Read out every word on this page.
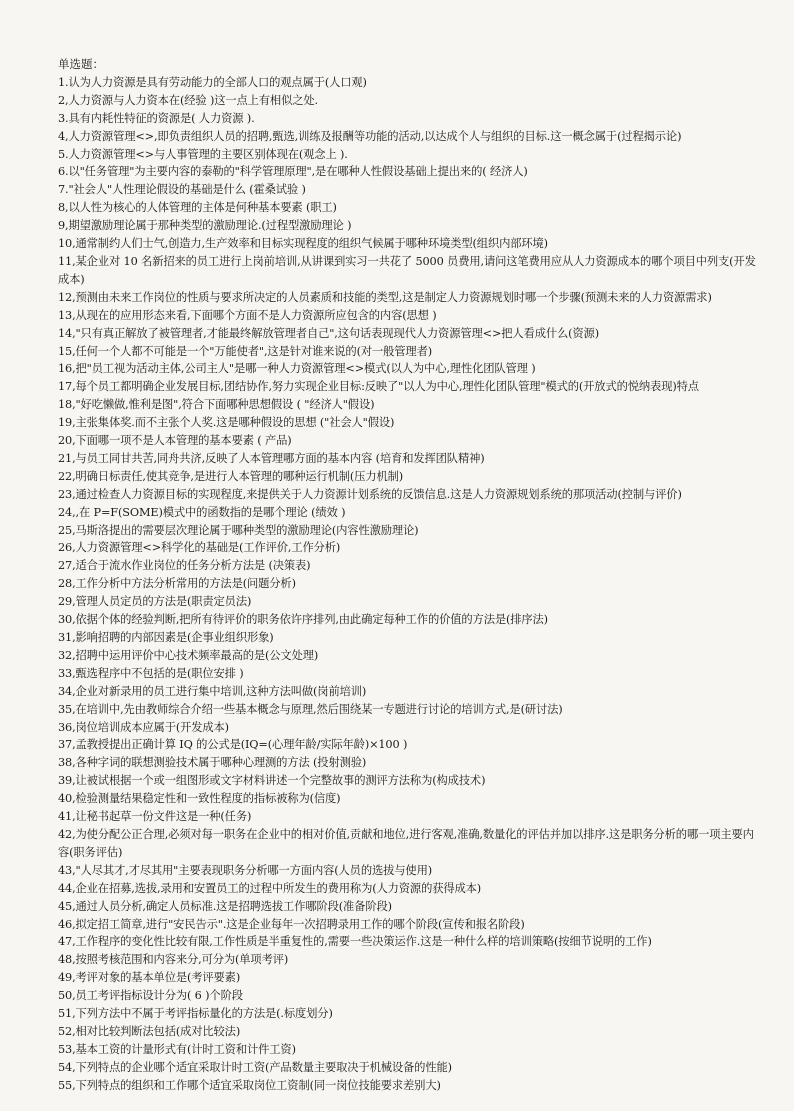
单选题：
1.认为人力资源是具有劳动能力的全部人口的观点属于(人口观)
2,人力资源与人力资本在(经验 )这一点上有相似之处.
3.具有内耗性特征的资源是( 人力资源 ).
4,人力资源管理<>,即负责组织人员的招聘,甄选,训练及报酬等功能的活动,以达成个人与组织的目标.这一概念属于(过程揭示论)
5.人力资源管理<>与人事管理的主要区别体现在(观念上 ).
6.以"任务管理"为主要内容的泰勒的"科学管理原理",是在哪种人性假设基础上提出来的( 经济人)
7."社会人"人性理论假设的基础是什么 (霍桑试验 )
8,以人性为核心的人体管理的主体是何种基本要素 (职工)
9,期望激励理论属于那种类型的激励理论.(过程型激励理论 )
10,通常制约人们士气,创造力,生产效率和目标实现程度的组织气候属于哪种环境类型(组织内部环境)
11,某企业对 10 名新招来的员工进行上岗前培训,从讲课到实习一共花了 5000 员费用,请问这笔费用应从人力资源成本的哪个项目中列支(开发成本)
12,预测由未来工作岗位的性质与要求所决定的人员素质和技能的类型,这是制定人力资源规划时哪一个步骤(预测未来的人力资源需求)
13,从现在的应用形态来看,下面哪个方面不是人力资源所应包含的内容(思想 )
14,"只有真正解放了被管理者,才能最终解放管理者自己",这句话表现现代人力资源管理<>把人看成什么(资源)
15,任何一个人都不可能是一个"万能使者",这是针对谁来说的(对一般管理者)
16,把"员工视为活动主体,公司主人"是哪一种人力资源管理<>模式(以人为中心,理性化团队管理 )
17,每个员工都明确企业发展目标,团结协作,努力实现企业目标:反映了"以人为中心,理性化团队管理"模式的(开放式的悦纳表现)特点
18,"好吃懒做,惟利是图",符合下面哪种思想假设 ( "经济人"假设)
19,主张集体奖.而不主张个人奖.这是哪种假设的思想 ("社会人"假设)
20,下面哪一项不是人本管理的基本要素 ( 产品)
21,与员工同甘共苦,同舟共济,反映了人本管理哪方面的基本内容 (培育和发挥团队精神)
22,明确日标责任,使其竞争,是进行人本管理的哪种运行机制(压力机制)
23,通过检查人力资源目标的实现程度,来提供关于人力资源计划系统的反馈信息.这是人力资源规划系统的那项活动(控制与评价)
24,,在 P=F(SOME)模式中的函数指的是哪个理论 (绩效 )
25,马斯洛提出的需要层次理论属于哪种类型的激励理论(内容性激励理论)
26,人力资源管理<>科学化的基础是(工作评价,工作分析)
27,适合于流水作业岗位的任务分析方法是 (决策表)
28,工作分析中方法分析常用的方法是(问题分析)
29,管理人员定员的方法是(职责定员法)
30,依据个体的经验判断,把所有待评价的职务依许序排列,由此确定每种工作的价值的方法是(排序法)
31,影响招聘的内部因素是(企事业组织形象)
32,招聘中运用评价中心技术频率最高的是(公文处理)
33,甄选程序中不包括的是(职位安排 )
34,企业对新录用的员工进行集中培训,这种方法叫做(岗前培训)
35,在培训中,先由教师综合介绍一些基本概念与原理,然后围绕某一专题进行讨论的培训方式,是(研讨法)
36,岗位培训成本应属于(开发成本)
37,孟教授提出正确计算 IQ 的公式是(IQ=(心理年龄/实际年龄)×100 )
38,各种字词的联想测验技术属于哪种心理测的方法 (投射测验)
39,让被试根据一个或一组图形或文字材料讲述一个完整故事的测评方法称为(构成技术)
40,检验测量结果稳定性和一致性程度的指标被称为(信度)
41,让秘书起草一份文件这是一种(任务)
42,为使分配公正合理,必须对每一职务在企业中的相对价值,贡献和地位,进行客观,准确,数量化的评估并加以排序.这是职务分析的哪一项主要内容(职务评估)
43,"人尽其才,才尽其用"主要表现职务分析哪一方面内容(人员的选拔与使用)
44,企业在招募,选拔,录用和安置员工的过程中所发生的费用称为(人力资源的获得成本)
45,通过人员分析,确定人员标准.这是招聘选拔工作哪阶段(准备阶段)
46,拟定招工简章,进行"安民告示".这是企业每年一次招聘录用工作的哪个阶段(宣传和报名阶段)
47,工作程序的变化性比较有限,工作性质是半重复性的,需要一些决策运作.这是一种什么样的培训策略(按细节说明的工作)
48,按照考核范围和内容来分,可分为(单项考评)
49,考评对象的基本单位是(考评要素)
50,员工考评指标设计分为( 6 )个阶段
51,下列方法中不属于考评指标量化的方法是(.标度划分)
52,相对比较判断法包括(成对比较法)
53,基本工资的计量形式有(计时工资和计件工资)
54,下列特点的企业哪个适宜采取计时工资(产品数量主要取决于机械设备的性能)
55,下列特点的组织和工作哪个适宜采取岗位工资制(同一岗位技能要求差别大)
